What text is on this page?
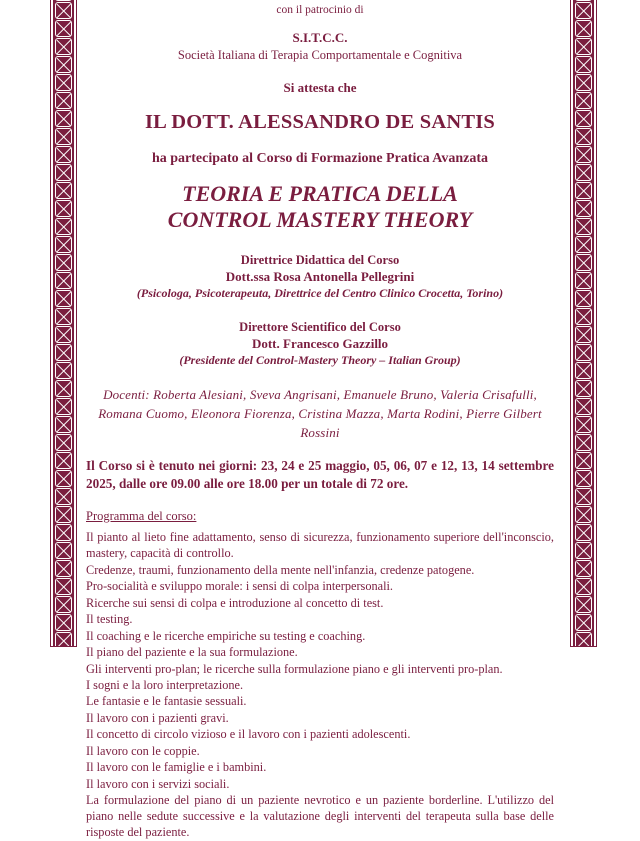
con il patrocinio di

S.I.T.C.C.

Società Italiana di Terapia Comportamentale e Cognitiva

Si attesta che

IL DOTT. ALESSANDRO DE SANTIS

ha partecipato al Corso di Formazione Pratica Avanzata

TEORIA E PRATICA DELLA
CONTROL MASTERY THEORY
Direttrice Didattica del Corso
Dott.ssa Rosa Antonella Pellegrini
(Psicologa, Psicoterapeuta, Direttrice del Centro Clinico Crocetta, Torino)
Direttore Scientifico del Corso
Dott. Francesco Gazzillo
(Presidente del Control-Mastery Theory – Italian Group)
Docenti: Roberta Alesiani, Sveva Angrisani, Emanuele Bruno, Valeria Crisafulli,
Romana Cuomo, Eleonora Fiorenza, Cristina Mazza, Marta Rodini, Pierre Gilbert Rossini

Il Corso si è tenuto nei giorni: 23, 24 e 25 maggio, 05, 06, 07 e 12, 13, 14 settembre 2025, dalle ore 09.00 alle ore 18.00 per un totale di 72 ore.

Programma del corso:

Il pianto al lieto fine adattamento, senso di sicurezza, funzionamento superiore dell'inconscio, mastery, capacità di controllo.

Credenze, traumi, funzionamento della mente nell'infanzia, credenze patogene.

Pro-socialità e sviluppo morale: i sensi di colpa interpersonali.

Ricerche sui sensi di colpa e introduzione al concetto di test.

Il testing.

Il coaching e le ricerche empiriche su testing e coaching.

Il piano del paziente e la sua formulazione.

Gli interventi pro-plan; le ricerche sulla formulazione piano e gli interventi pro-plan.

I sogni e la loro interpretazione.

Le fantasie e le fantasie sessuali.

Il lavoro con i pazienti gravi.

Il concetto di circolo vizioso e il lavoro con i pazienti adolescenti.

Il lavoro con le coppie.

Il lavoro con le famiglie e i bambini.

Il lavoro con i servizi sociali.

La formulazione del piano di un paziente nevrotico e un paziente borderline. L'utilizzo del piano nelle sedute successive e la valutazione degli interventi del terapeuta sulla base delle risposte del paziente.
